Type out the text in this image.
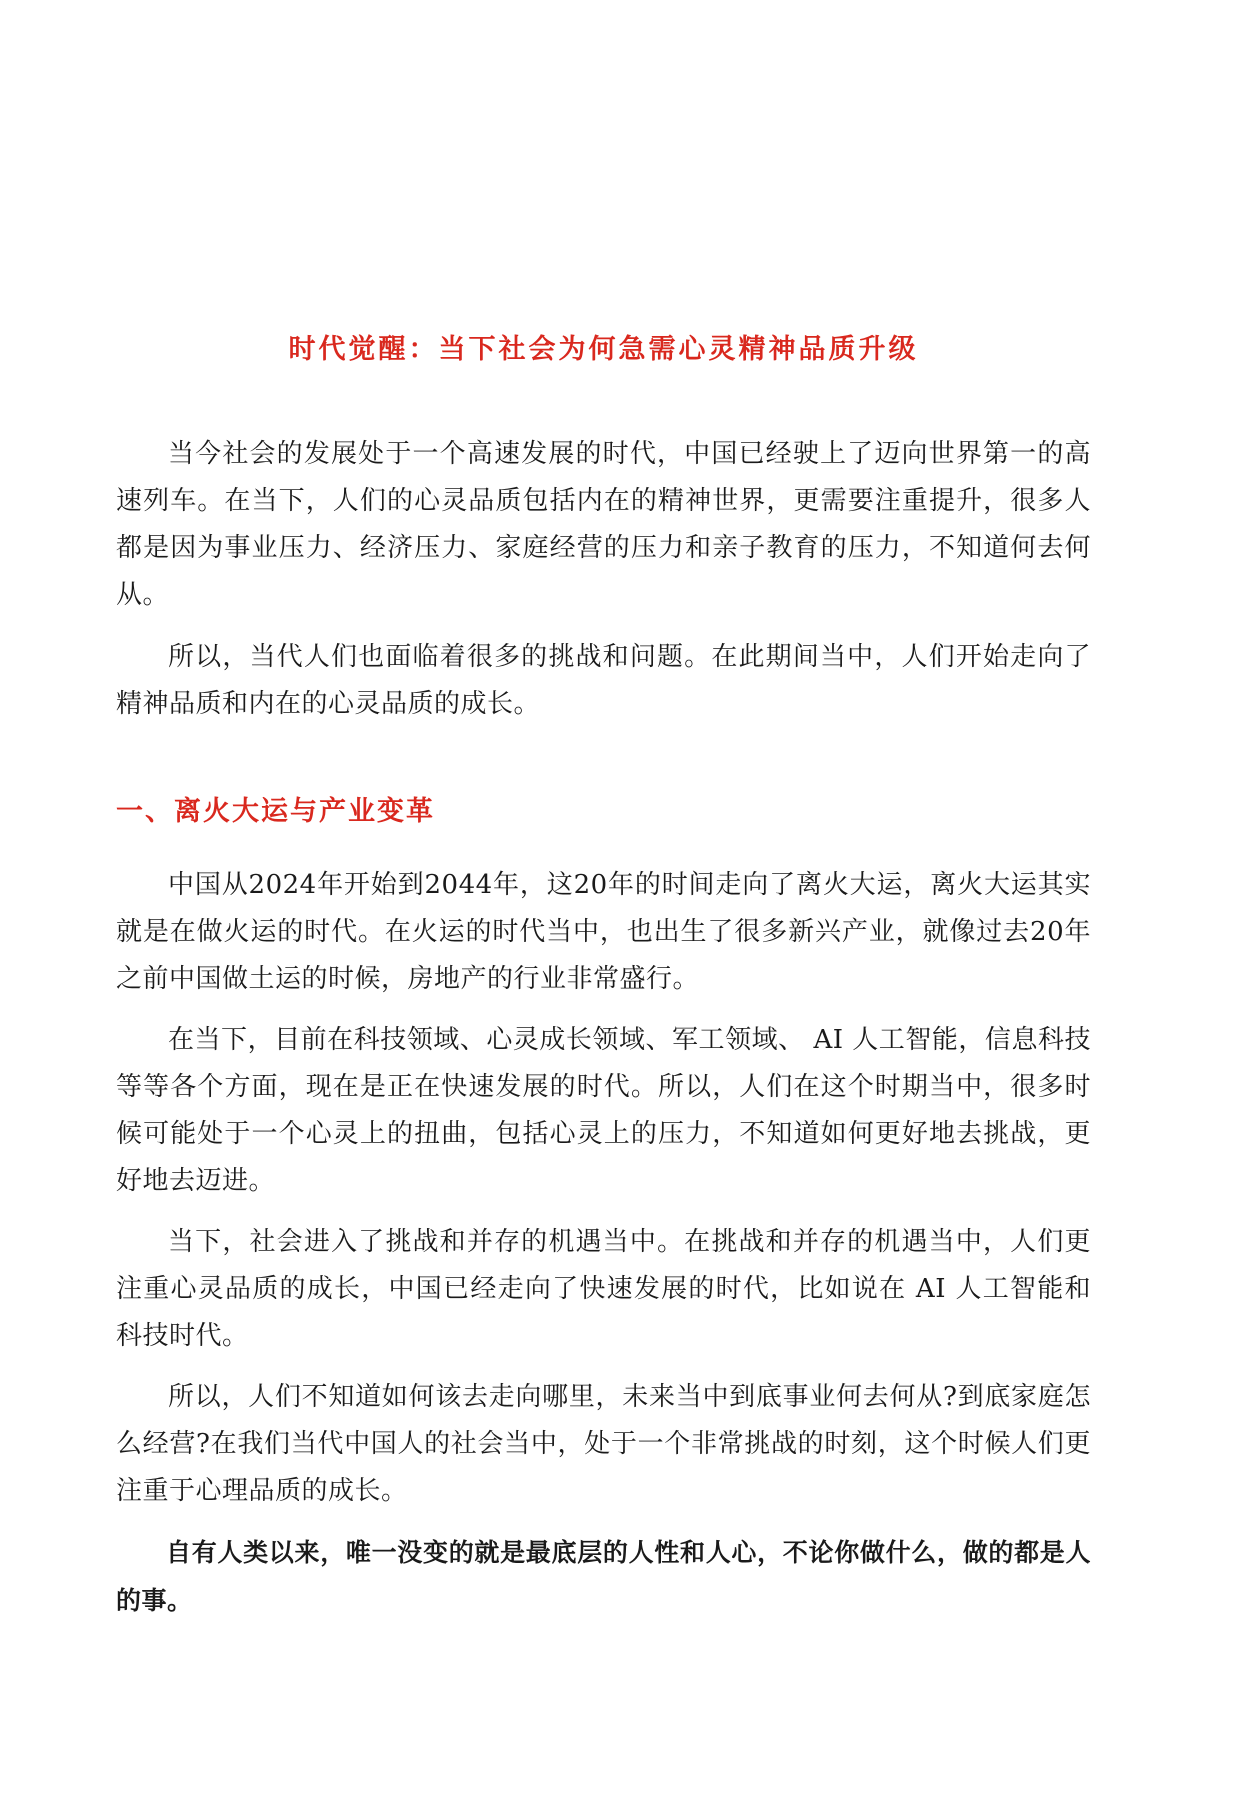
时代觉醒：当下社会为何急需心灵精神品质升级

当今社会的发展处于一个高速发展的时代，中国已经驶上了迈向世界第一的高速列车。在当下，人们的心灵品质包括内在的精神世界，更需要注重提升，很多人都是因为事业压力、经济压力、家庭经营的压力和亲子教育的压力，不知道何去何从。

所以，当代人们也面临着很多的挑战和问题。在此期间当中，人们开始走向了精神品质和内在的心灵品质的成长。

一、离火大运与产业变革

中国从2024年开始到2044年，这20年的时间走向了离火大运，离火大运其实就是在做火运的时代。在火运的时代当中，也出生了很多新兴产业，就像过去20年之前中国做土运的时候，房地产的行业非常盛行。

在当下，目前在科技领域、心灵成长领域、军工领域、 AI 人工智能，信息科技等等各个方面，现在是正在快速发展的时代。所以，人们在这个时期当中，很多时候可能处于一个心灵上的扭曲，包括心灵上的压力，不知道如何更好地去挑战，更好地去迈进。

当下，社会进入了挑战和并存的机遇当中。在挑战和并存的机遇当中，人们更注重心灵品质的成长，中国已经走向了快速发展的时代，比如说在 AI 人工智能和科技时代。

所以，人们不知道如何该去走向哪里，未来当中到底事业何去何从?到底家庭怎么经营?在我们当代中国人的社会当中，处于一个非常挑战的时刻，这个时候人们更注重于心理品质的成长。

自有人类以来，唯一没变的就是最底层的人性和人心，不论你做什么，做的都是人的事。
